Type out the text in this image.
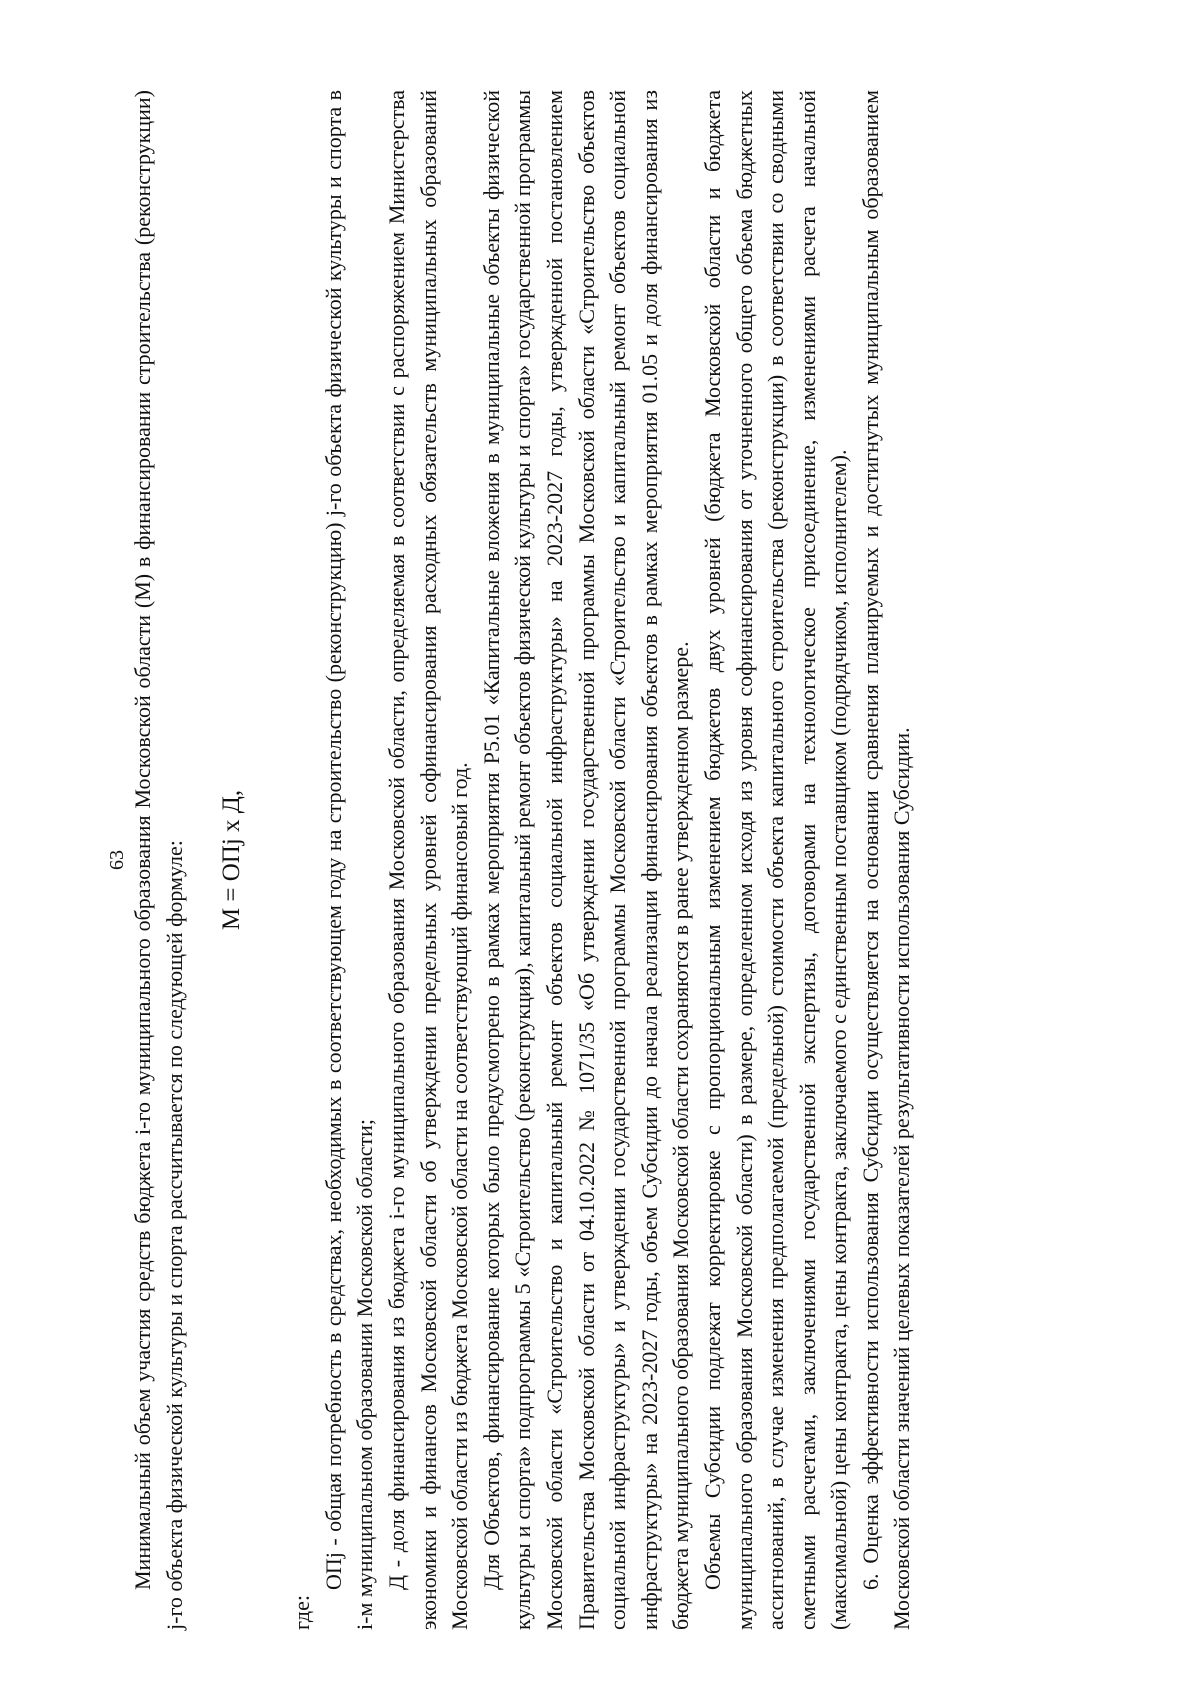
63 Минимальный объем участия средств бюджета i-го муниципального образования Московской области (М) в финансировании строительства (реконструкции) j-го объекта физической культуры и спорта рассчитывается по следующей формуле: М = ОПj х Д,

где:

ОПj - общая потребность в средствах, необходимых в соответствующем году на строительство (реконструкцию) j-го объекта физической культуры и спорта в i-м муниципальном образовании Московской области; Д - доля финансирования из бюджета i-го муниципального образования Московской области, определяемая в соответствии с распоряжением Министерства экономики и финансов Московской области об утверждении предельных уровней софинансирования расходных обязательств муниципальных образований Московской области из бюджета Московской области на соответствующий финансовый год. Для Объектов, финансирование которых было предусмотрено в рамках мероприятия Р5.01 «Капитальные вложения в муниципальные объекты физической культуры и спорта» подпрограммы 5 «Строительство (реконструкция), капитальный ремонт объектов физической культуры и спорта» государственной программы Московской области «Строительство и капитальный ремонт объектов социальной инфраструктуры» на 2023-2027 годы, утвержденной постановлением Правительства Московской области от 04.10.2022 № 1071/35 «Об утверждении государственной программы Московской области «Строительство объектов социальной инфраструктуры» и утверждении государственной программы Московской области «Строительство и капитальный ремонт объектов социальной инфраструктуры» на 2023-2027 годы, объем Субсидии до начала реализации финансирования объектов в рамках мероприятия 01.05 и доля финансирования из бюджета муниципального образования Московской области сохраняются в ранее утвержденном размере. Объемы Субсидии подлежат корректировке с пропорциональным изменением бюджетов двух уровней (бюджета Московской области и бюджета муниципального образования Московской области) в размере, определенном исходя из уровня софинансирования от уточненного общего объема бюджетных ассигнований, в случае изменения предполагаемой (предельной) стоимости объекта капитального строительства (реконструкции) в соответствии со сводными сметными расчетами, заключениями государственной экспертизы, договорами на технологическое присоединение, изменениями расчета начальной (максимальной) цены контракта, цены контракта, заключаемого с единственным поставщиком (подрядчиком, исполнителем). 6. Оценка эффективности использования Субсидии осуществляется на основании сравнения планируемых и достигнутых муниципальным образованием Московской области значений целевых показателей результативности использования Субсидии.
